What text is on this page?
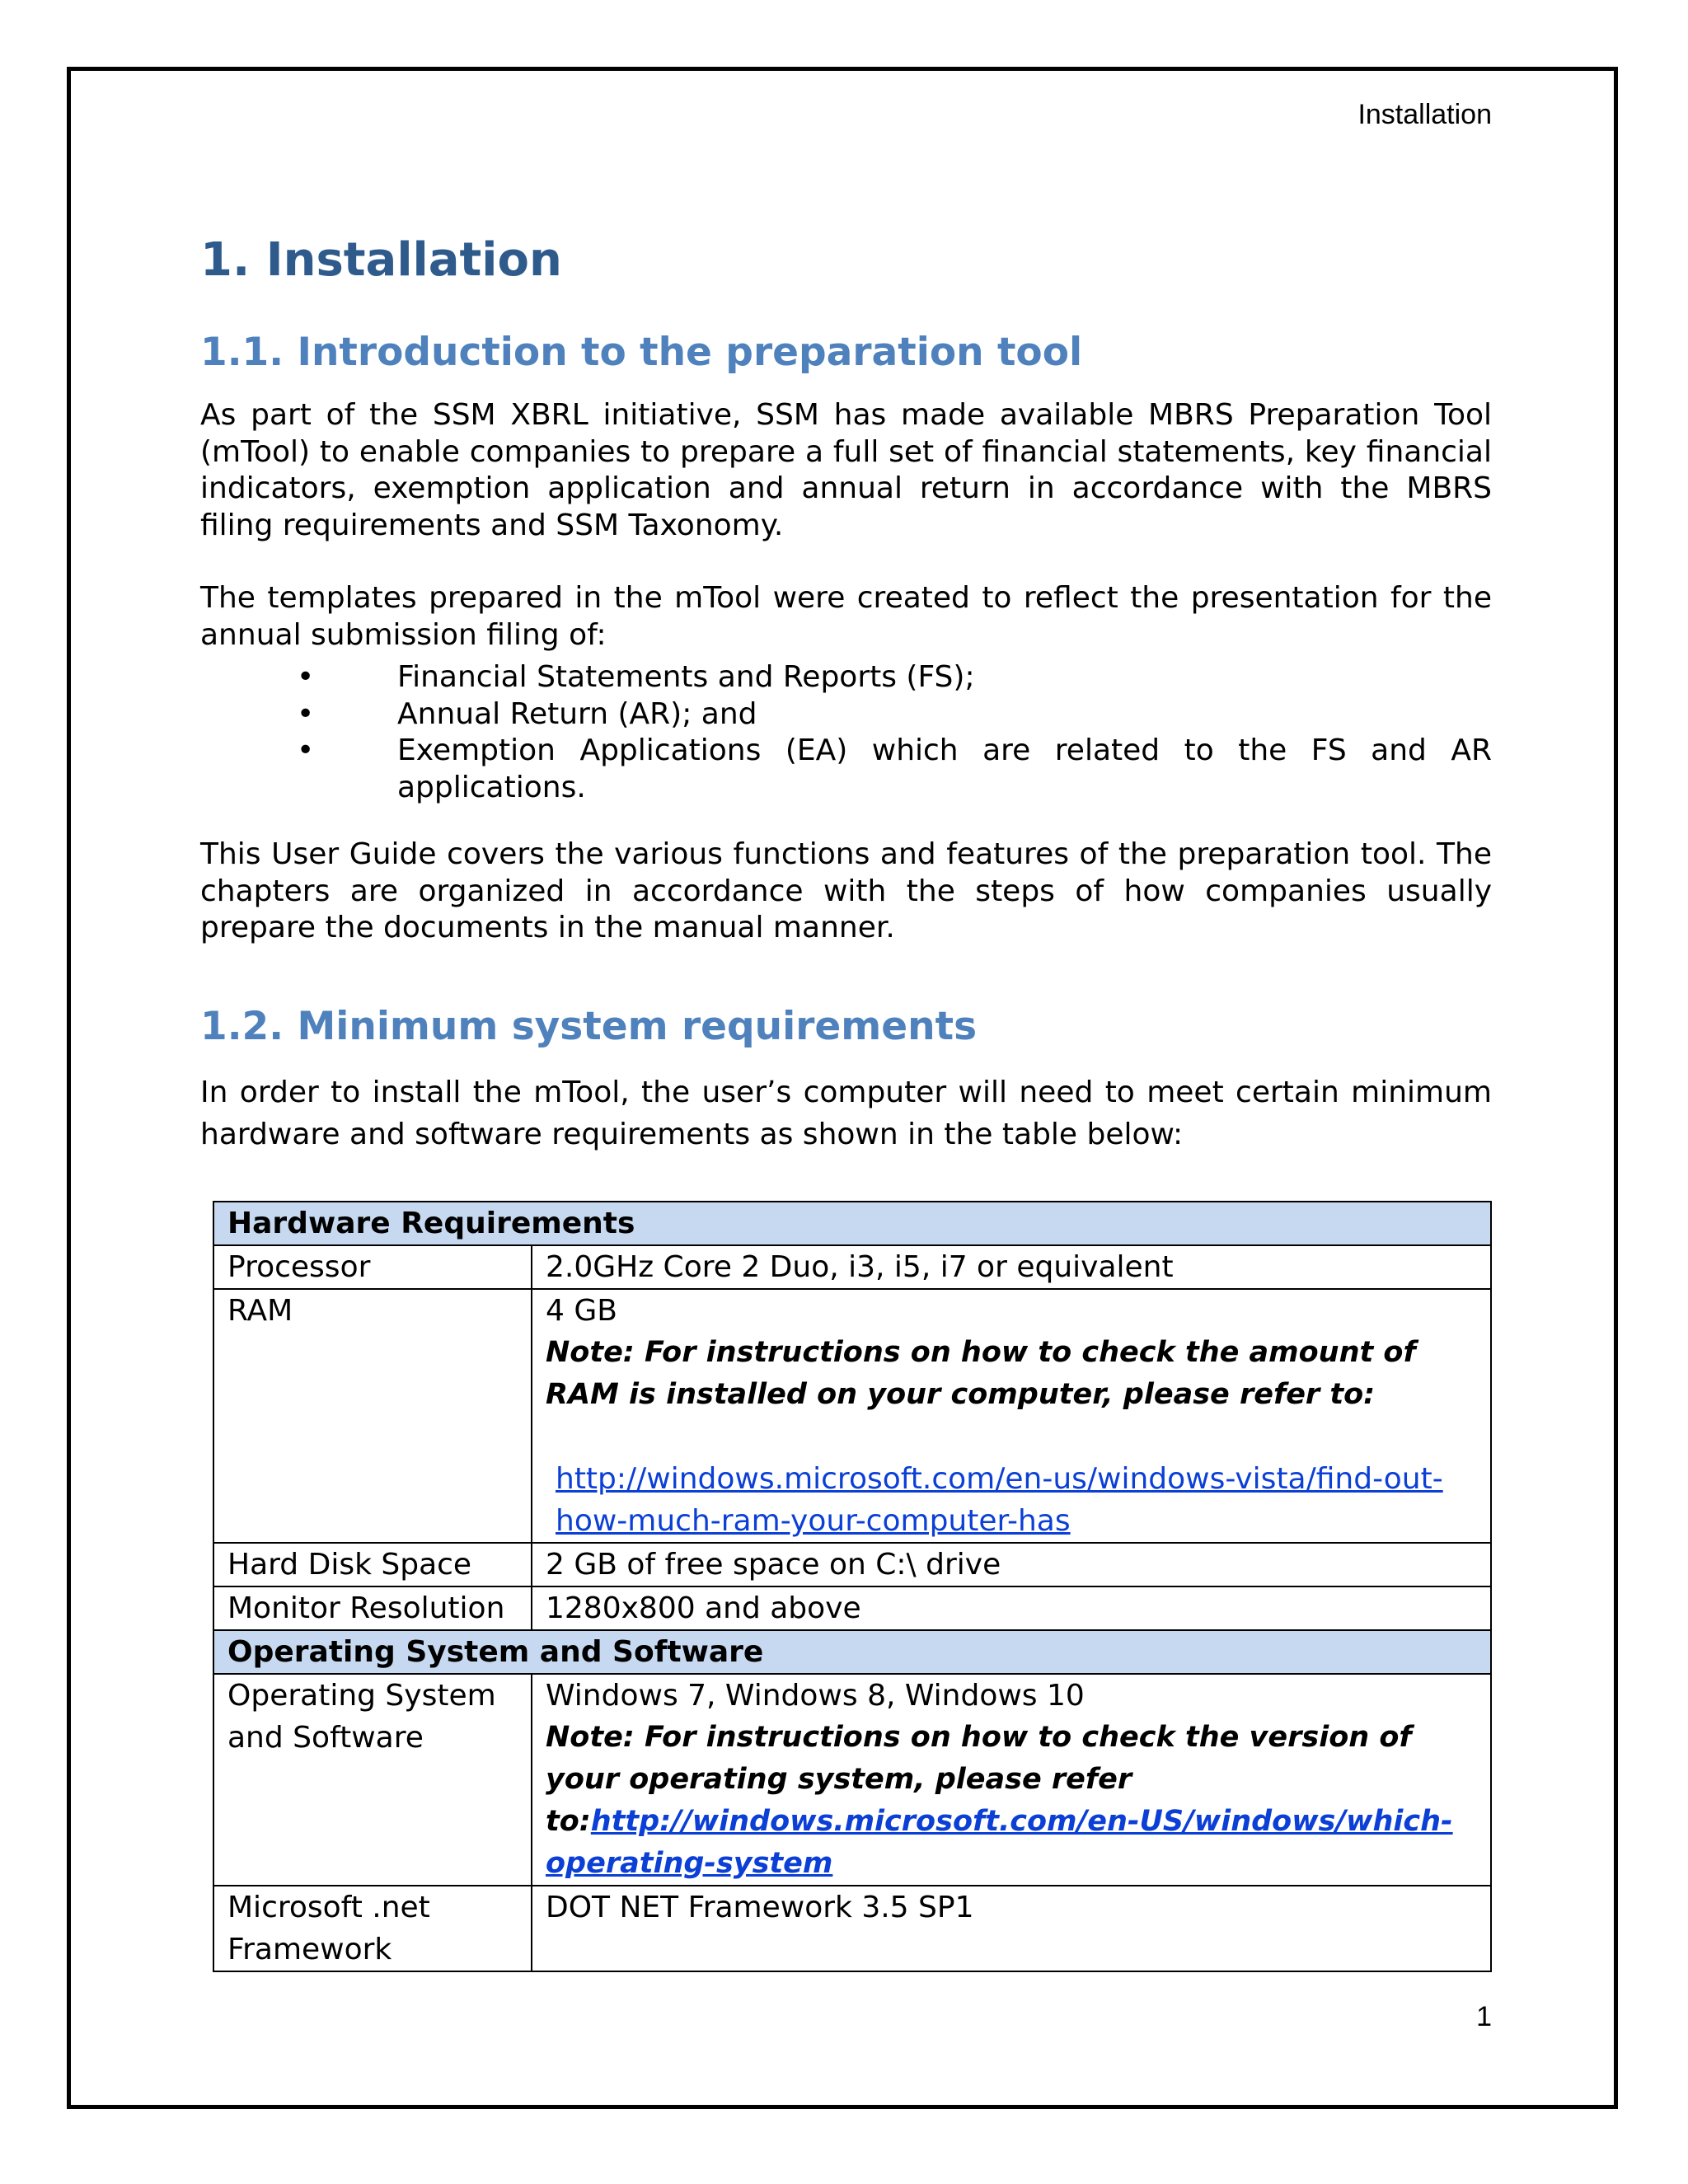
Installation
1. Installation
1.1. Introduction to the preparation tool

As part of the SSM XBRL initiative, SSM has made available MBRS Preparation Tool (mTool) to enable companies to prepare a full set of financial statements, key financial indicators, exemption application and annual return in accordance with the MBRS filing requirements and SSM Taxonomy.

The templates prepared in the mTool were created to reflect the presentation for the annual submission filing of:

•	Financial Statements and Reports (FS);
•	Annual Return (AR); and
•	Exemption Applications (EA) which are related to the FS and AR applications.

This User Guide covers the various functions and features of the preparation tool. The chapters are organized in accordance with the steps of how companies usually prepare the documents in the manual manner.

1.2. Minimum system requirements

In order to install the mTool, the user’s computer will need to meet certain minimum hardware and software requirements as shown in the table below:

Hardware Requirements	
Processor	2.0GHz Core 2 Duo, i3, i5, i7 or equivalent
RAM	4 GB
Note: For instructions on how to check the amount of RAM is installed on your computer, please refer to:
http://windows.microsoft.com/en-us/windows-vista/find-out-how-much-ram-your-computer-has

Hard Disk Space	2 GB of free space on C:\ drive
Monitor Resolution	1280x800 and above
Operating System and Software	
Operating System and Software	Windows 7, Windows 8, Windows 10
Note: For instructions on how to check the version of your operating system, please refer to:http://windows.microsoft.com/en-US/windows/which-operating-system

Microsoft .net Framework	DOT NET Framework 3.5 SP1
1
